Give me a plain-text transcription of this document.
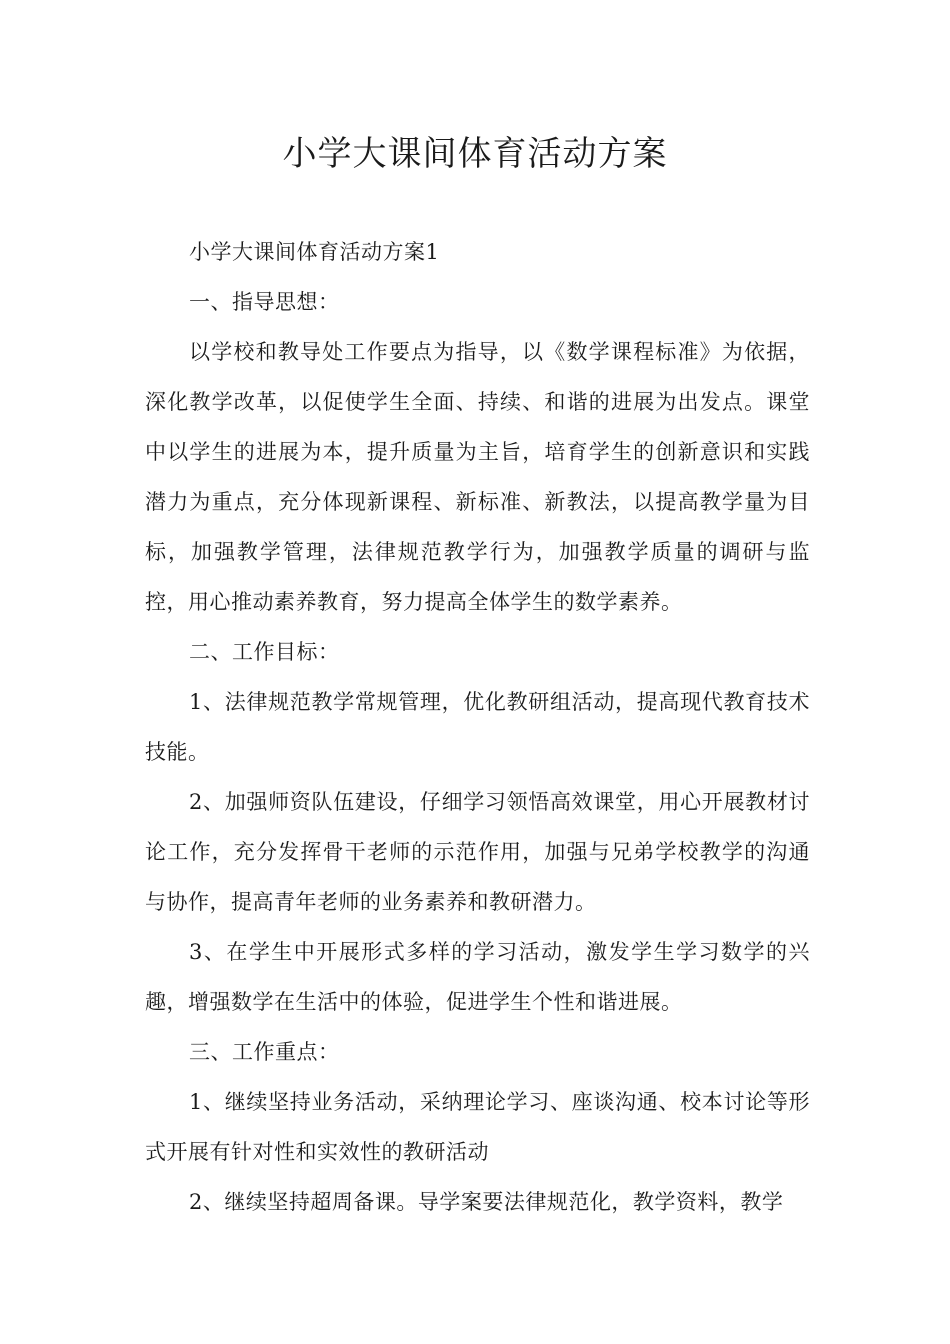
小学大课间体育活动方案

小学大课间体育活动方案1

一、指导思想：

以学校和教导处工作要点为指导，以《数学课程标准》为依据，深化教学改革，以促使学生全面、持续、和谐的进展为出发点。课堂中以学生的进展为本，提升质量为主旨，培育学生的创新意识和实践潜力为重点，充分体现新课程、新标准、新教法，以提高教学量为目标，加强教学管理，法律规范教学行为，加强教学质量的调研与监控，用心推动素养教育，努力提高全体学生的数学素养。

二、工作目标：

1、法律规范教学常规管理，优化教研组活动，提高现代教育技术技能。

2、加强师资队伍建设，仔细学习领悟高效课堂，用心开展教材讨论工作，充分发挥骨干老师的示范作用，加强与兄弟学校教学的沟通与协作，提高青年老师的业务素养和教研潜力。

3、在学生中开展形式多样的学习活动，激发学生学习数学的兴趣，增强数学在生活中的体验，促进学生个性和谐进展。

三、工作重点：

1、继续坚持业务活动，采纳理论学习、座谈沟通、校本讨论等形式开展有针对性和实效性的教研活动

2、继续坚持超周备课。导学案要法律规范化，教学资料，教学
